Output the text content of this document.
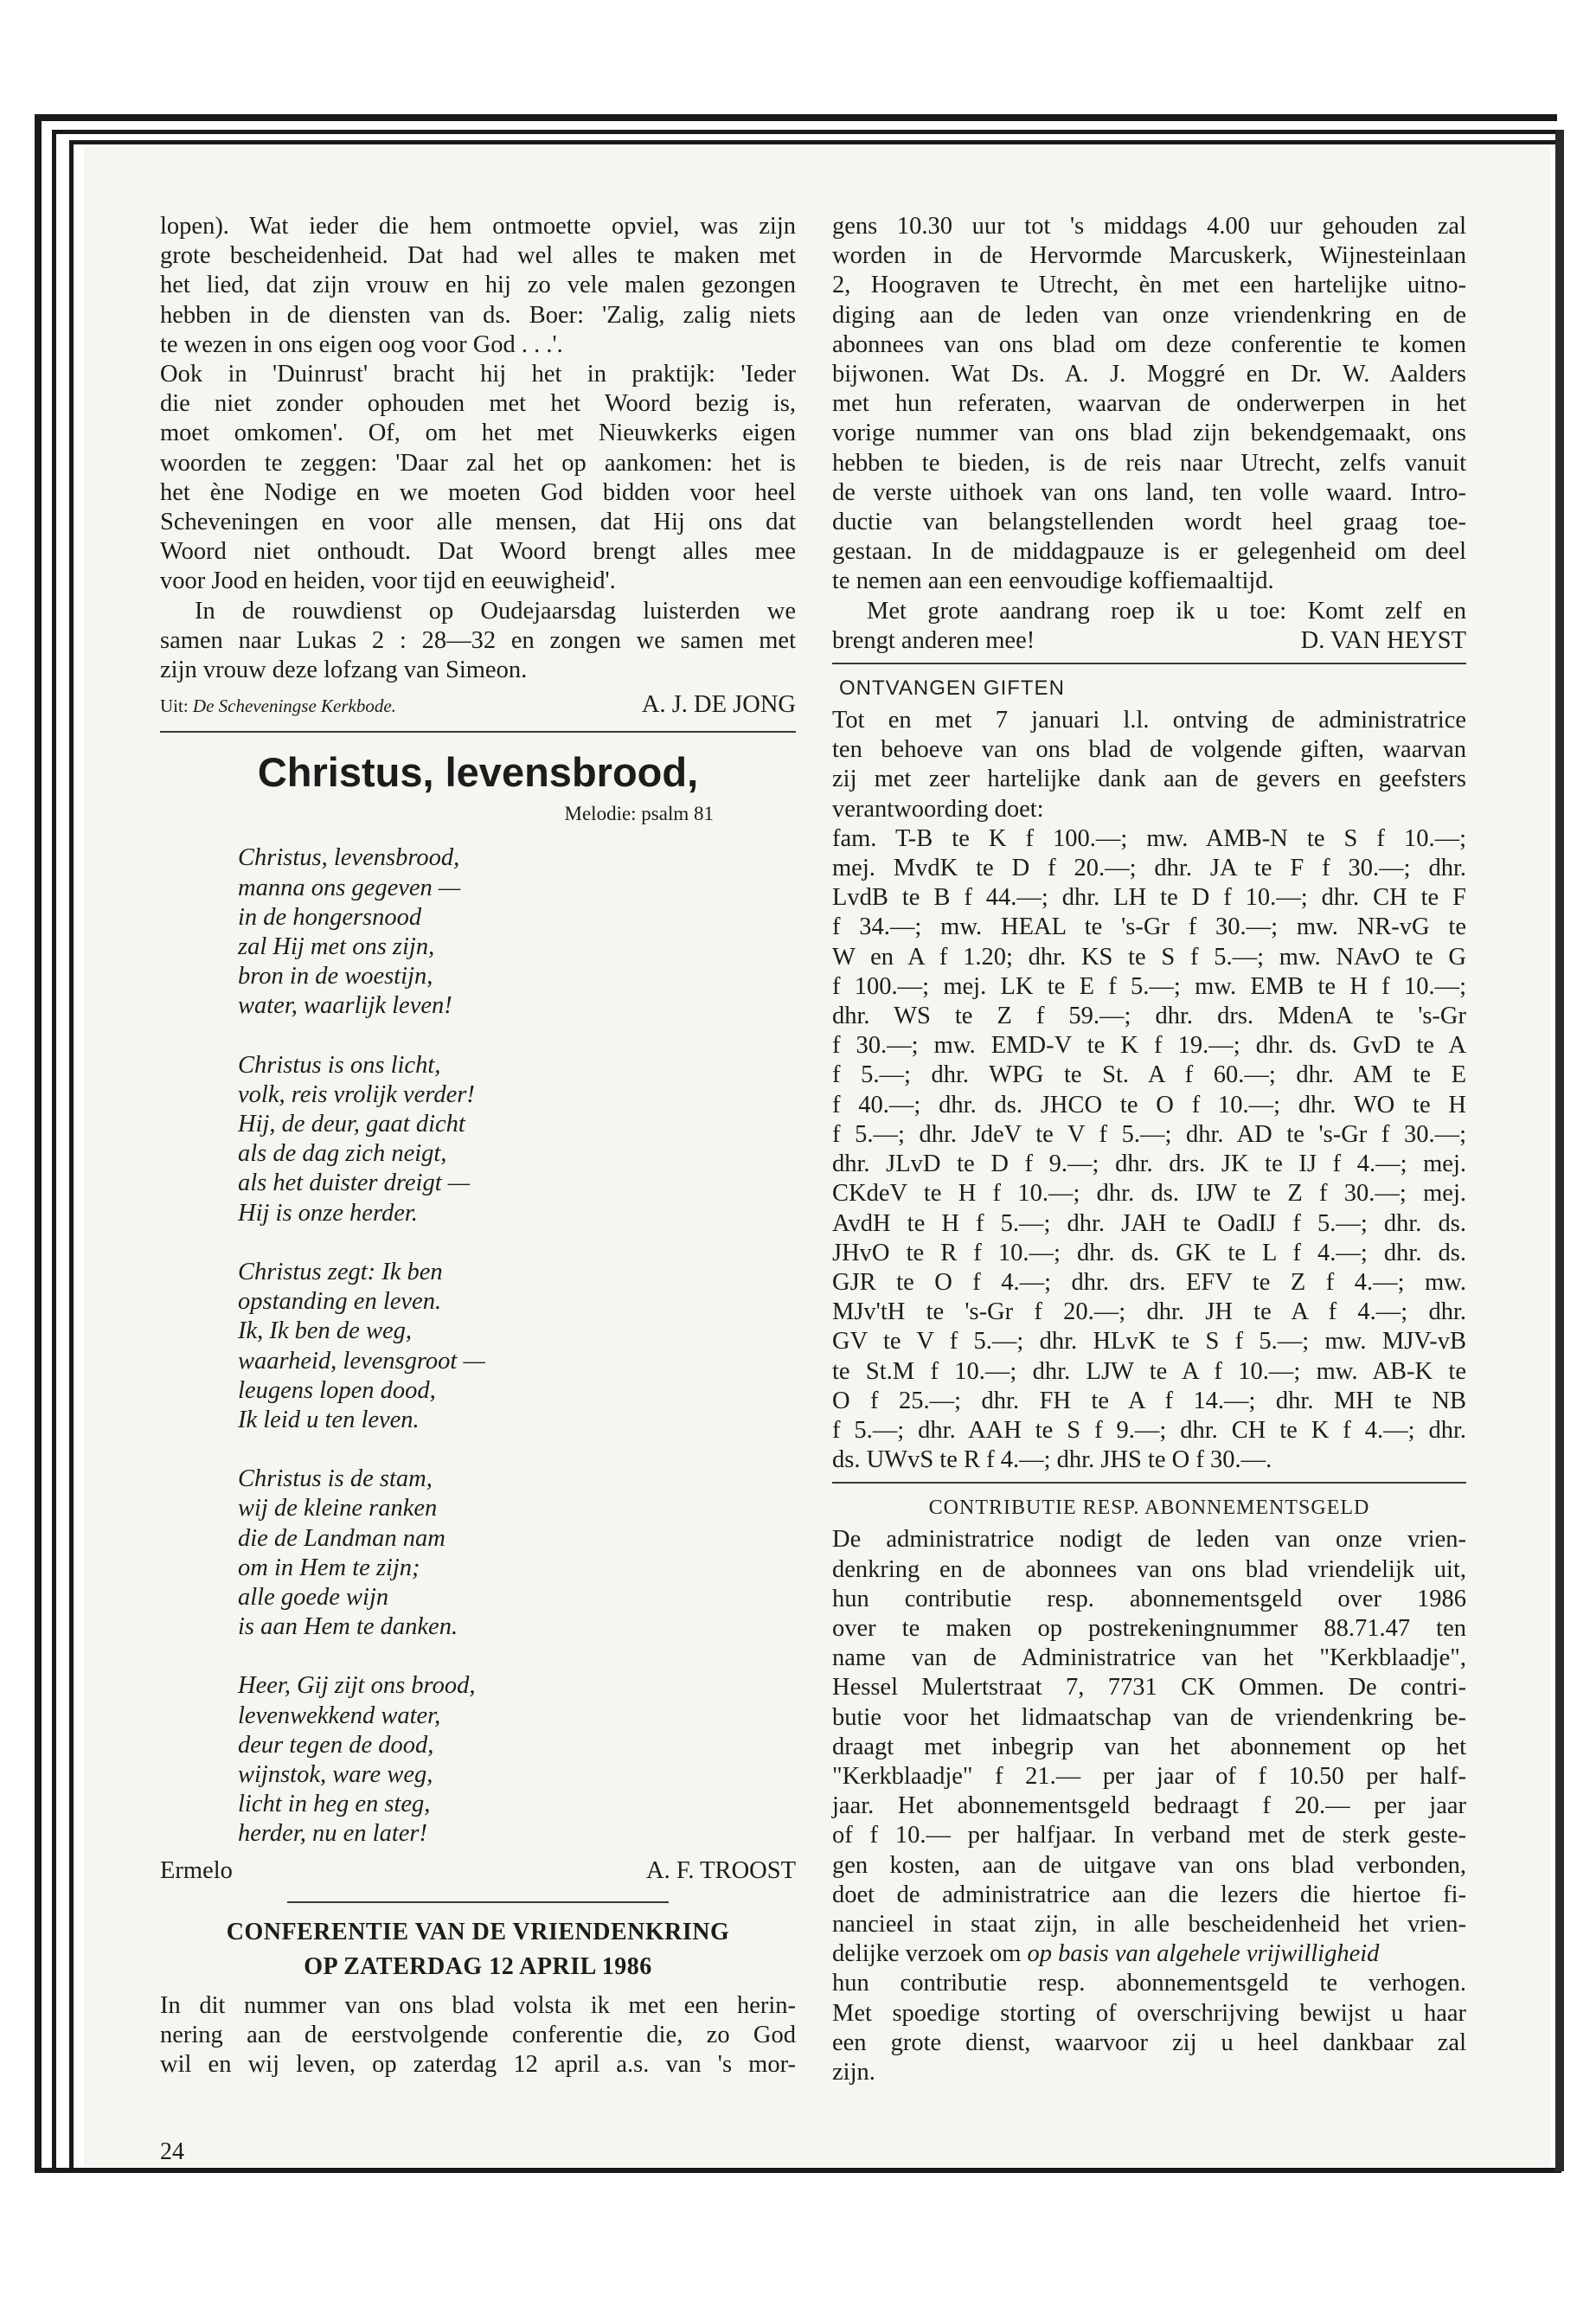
lopen). Wat ieder die hem ontmoette opviel, was zijn
grote bescheidenheid. Dat had wel alles te maken met
het lied, dat zijn vrouw en hij zo vele malen gezongen
hebben in de diensten van ds. Boer: 'Zalig, zalig niets
te wezen in ons eigen oog voor God . . .'.
Ook in 'Duinrust' bracht hij het in praktijk: 'Ieder
die niet zonder ophouden met het Woord bezig is,
moet omkomen'. Of, om het met Nieuwkerks eigen
woorden te zeggen: 'Daar zal het op aankomen: het is
het ène Nodige en we moeten God bidden voor heel
Scheveningen en voor alle mensen, dat Hij ons dat
Woord niet onthoudt. Dat Woord brengt alles mee
voor Jood en heiden, voor tijd en eeuwigheid'.
In de rouwdienst op Oudejaarsdag luisterden we
samen naar Lukas 2 : 28—32 en zongen we samen met
zijn vrouw deze lofzang van Simeon.
Uit: De Scheveningse Kerkbode.	A. J. DE JONG
Christus, levensbrood,
Melodie: psalm 81
Christus, levensbrood,
manna ons gegeven —
in de hongersnood
zal Hij met ons zijn,
bron in de woestijn,
water, waarlijk leven!
Christus is ons licht,
volk, reis vrolijk verder!
Hij, de deur, gaat dicht
als de dag zich neigt,
als het duister dreigt —
Hij is onze herder.
Christus zegt: Ik ben
opstanding en leven.
Ik, Ik ben de weg,
waarheid, levensgroot —
leugens lopen dood,
Ik leid u ten leven.
Christus is de stam,
wij de kleine ranken
die de Landman nam
om in Hem te zijn;
alle goede wijn
is aan Hem te danken.
Heer, Gij zijt ons brood,
levenwekkend water,
deur tegen de dood,
wijnstok, ware weg,
licht in heg en steg,
herder, nu en later!
Ermelo	A. F. TROOST
CONFERENTIE VAN DE VRIENDENKRING
OP ZATERDAG 12 APRIL 1986
In dit nummer van ons blad volsta ik met een herin-
nering aan de eerstvolgende conferentie die, zo God
wil en wij leven, op zaterdag 12 april a.s. van 's mor-
24
gens 10.30 uur tot 's middags 4.00 uur gehouden zal
worden in de Hervormde Marcuskerk, Wijnesteinlaan
2, Hoograven te Utrecht, èn met een hartelijke uitno-
diging aan de leden van onze vriendenkring en de
abonnees van ons blad om deze conferentie te komen
bijwonen. Wat Ds. A. J. Moggré en Dr. W. Aalders
met hun referaten, waarvan de onderwerpen in het
vorige nummer van ons blad zijn bekendgemaakt, ons
hebben te bieden, is de reis naar Utrecht, zelfs vanuit
de verste uithoek van ons land, ten volle waard. Intro-
ductie van belangstellenden wordt heel graag toe-
gestaan. In de middagpauze is er gelegenheid om deel
te nemen aan een eenvoudige koffiemaaltijd.
Met grote aandrang roep ik u toe: Komt zelf en
brengt anderen mee!	D. VAN HEYST
ONTVANGEN GIFTEN
Tot en met 7 januari l.l. ontving de administratrice
ten behoeve van ons blad de volgende giften, waarvan
zij met zeer hartelijke dank aan de gevers en geefsters
verantwoording doet:
fam. T-B te K f 100.—; mw. AMB-N te S f 10.—;
mej. MvdK te D f 20.—; dhr. JA te F f 30.—; dhr.
LvdB te B f 44.—; dhr. LH te D f 10.—; dhr. CH te F
f 34.—; mw. HEAL te 's-Gr f 30.—; mw. NR-vG te
W en A f 1.20; dhr. KS te S f 5.—; mw. NAvO te G
f 100.—; mej. LK te E f 5.—; mw. EMB te H f 10.—;
dhr. WS te Z f 59.—; dhr. drs. MdenA te 's-Gr
f 30.—; mw. EMD-V te K f 19.—; dhr. ds. GvD te A
f 5.—; dhr. WPG te St. A f 60.—; dhr. AM te E
f 40.—; dhr. ds. JHCO te O f 10.—; dhr. WO te H
f 5.—; dhr. JdeV te V f 5.—; dhr. AD te 's-Gr f 30.—;
dhr. JLvD te D f 9.—; dhr. drs. JK te IJ f 4.—; mej.
CKdeV te H f 10.—; dhr. ds. IJW te Z f 30.—; mej.
AvdH te H f 5.—; dhr. JAH te OadIJ f 5.—; dhr. ds.
JHvO te R f 10.—; dhr. ds. GK te L f 4.—; dhr. ds.
GJR te O f 4.—; dhr. drs. EFV te Z f 4.—; mw.
MJv'tH te 's-Gr f 20.—; dhr. JH te A f 4.—; dhr.
GV te V f 5.—; dhr. HLvK te S f 5.—; mw. MJV-vB
te St.M f 10.—; dhr. LJW te A f 10.—; mw. AB-K te
O f 25.—; dhr. FH te A f 14.—; dhr. MH te NB
f 5.—; dhr. AAH te S f 9.—; dhr. CH te K f 4.—; dhr.
ds. UWvS te R f 4.—; dhr. JHS te O f 30.—.
CONTRIBUTIE RESP. ABONNEMENTSGELD
De administratrice nodigt de leden van onze vrien-
denkring en de abonnees van ons blad vriendelijk uit,
hun contributie resp. abonnementsgeld over 1986
over te maken op postrekeningnummer 88.71.47 ten
name van de Administratrice van het "Kerkblaadje",
Hessel Mulertstraat 7, 7731 CK Ommen. De contri-
butie voor het lidmaatschap van de vriendenkring be-
draagt met inbegrip van het abonnement op het
"Kerkblaadje" f 21.— per jaar of f 10.50 per half-
jaar. Het abonnementsgeld bedraagt f 20.— per jaar
of f 10.— per halfjaar. In verband met de sterk geste-
gen kosten, aan de uitgave van ons blad verbonden,
doet de administratrice aan die lezers die hiertoe fi-
nancieel in staat zijn, in alle bescheidenheid het vrien-
delijke verzoek om op basis van algehele vrijwilligheid
hun contributie resp. abonnementsgeld te verhogen.
Met spoedige storting of overschrijving bewijst u haar
een grote dienst, waarvoor zij u heel dankbaar zal
zijn.
